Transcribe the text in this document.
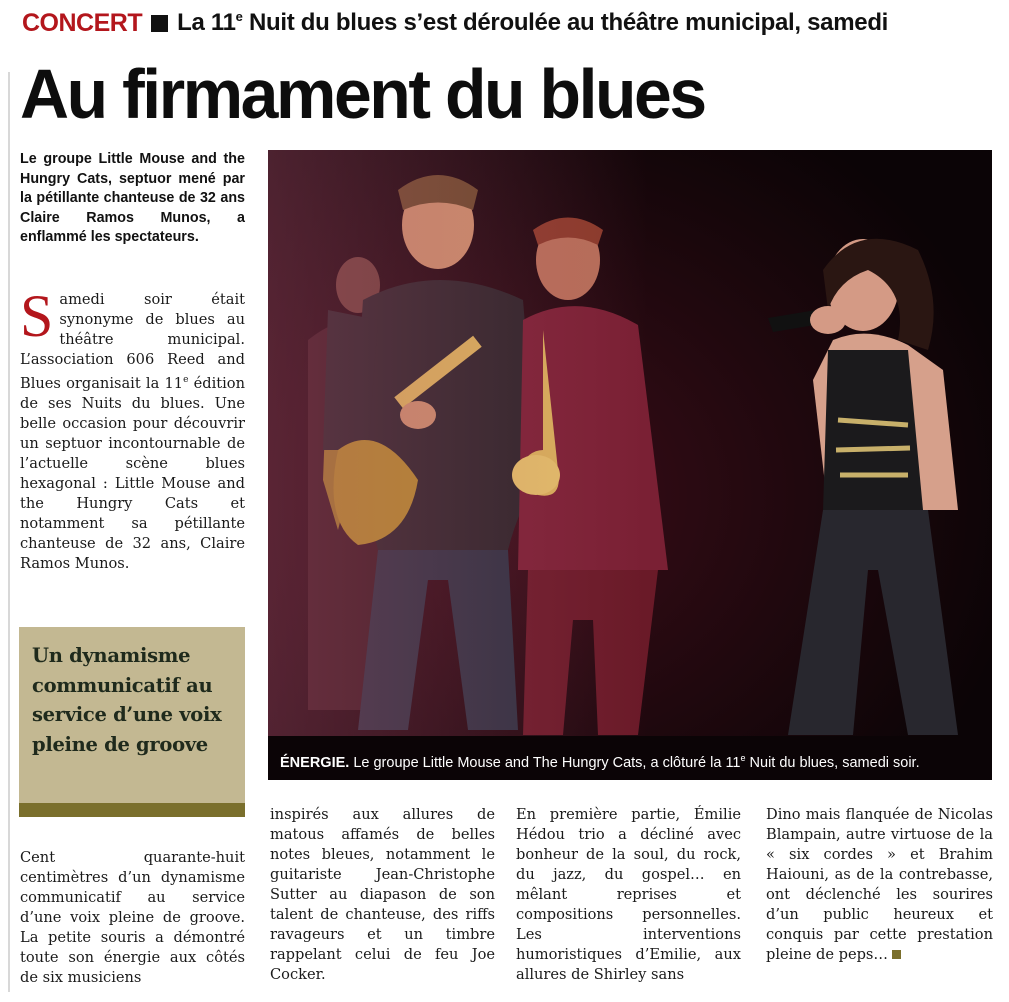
CONCERT La 11e Nuit du blues s’est déroulée au théâtre municipal, samedi
Au firmament du blues
Le groupe Little Mouse and the Hungry Cats, septuor mené par la pétillante chanteuse de 32 ans Claire Ramos Munos, a enflammé les spectateurs.
Samedi soir était synonyme de blues au théâtre municipal. L’association 606 Reed and Blues organisait la 11e édition de ses Nuits du blues. Une belle occasion pour découvrir un septuor incontournable de l’actuelle scène blues hexagonal : Little Mouse and the Hungry Cats et notamment sa pétillante chanteuse de 32 ans, Claire Ramos Munos.
Un dynamisme communicatif au service d’une voix pleine de groove
Cent quarante-huit centimètres d’un dynamisme communicatif au service d’une voix pleine de groove. La petite souris a démontré toute son énergie aux côtés de six musiciens
inspirés aux allures de matous affamés de belles notes bleues, notamment le guitariste Jean-Christophe Sutter au diapason de son talent de chanteuse, des riffs ravageurs et un timbre rappelant celui de feu Joe Cocker.
En première partie, Émilie Hédou trio a décliné avec bonheur de la soul, du rock, du jazz, du gospel… en mêlant reprises et compositions personnelles. Les interventions humoristiques d’Emilie, aux allures de Shirley sans
Dino mais flanquée de Nicolas Blampain, autre virtuose de la « six cordes » et Brahim Haiouni, as de la contrebasse, ont déclenché les sourires d’un public heureux et conquis par cette prestation pleine de peps…
ÉNERGIE. Le groupe Little Mouse and The Hungry Cats, a clôturé la 11e Nuit du blues, samedi soir.
